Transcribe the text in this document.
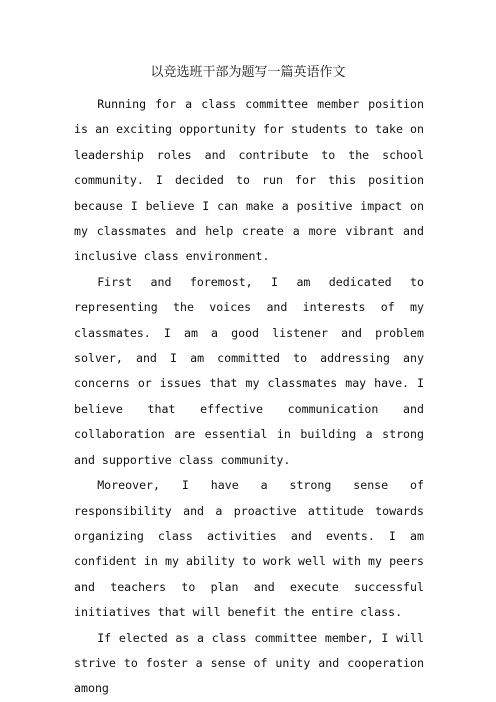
以竞选班干部为题写一篇英语作文

Running for a class committee member position is an exciting opportunity for students to take on leadership roles and contribute to the school community. I decided to run for this position because I believe I can make a positive impact on my classmates and help create a more vibrant and inclusive class environment.

First and foremost, I am dedicated to representing the voices and interests of my classmates. I am a good listener and problem solver, and I am committed to addressing any concerns or issues that my classmates may have. I believe that effective communication and collaboration are essential in building a strong and supportive class community.

Moreover, I have a strong sense of responsibility and a proactive attitude towards organizing class activities and events. I am confident in my ability to work well with my peers and teachers to plan and execute successful initiatives that will benefit the entire class.

If elected as a class committee member, I will strive to foster a sense of unity and cooperation among
